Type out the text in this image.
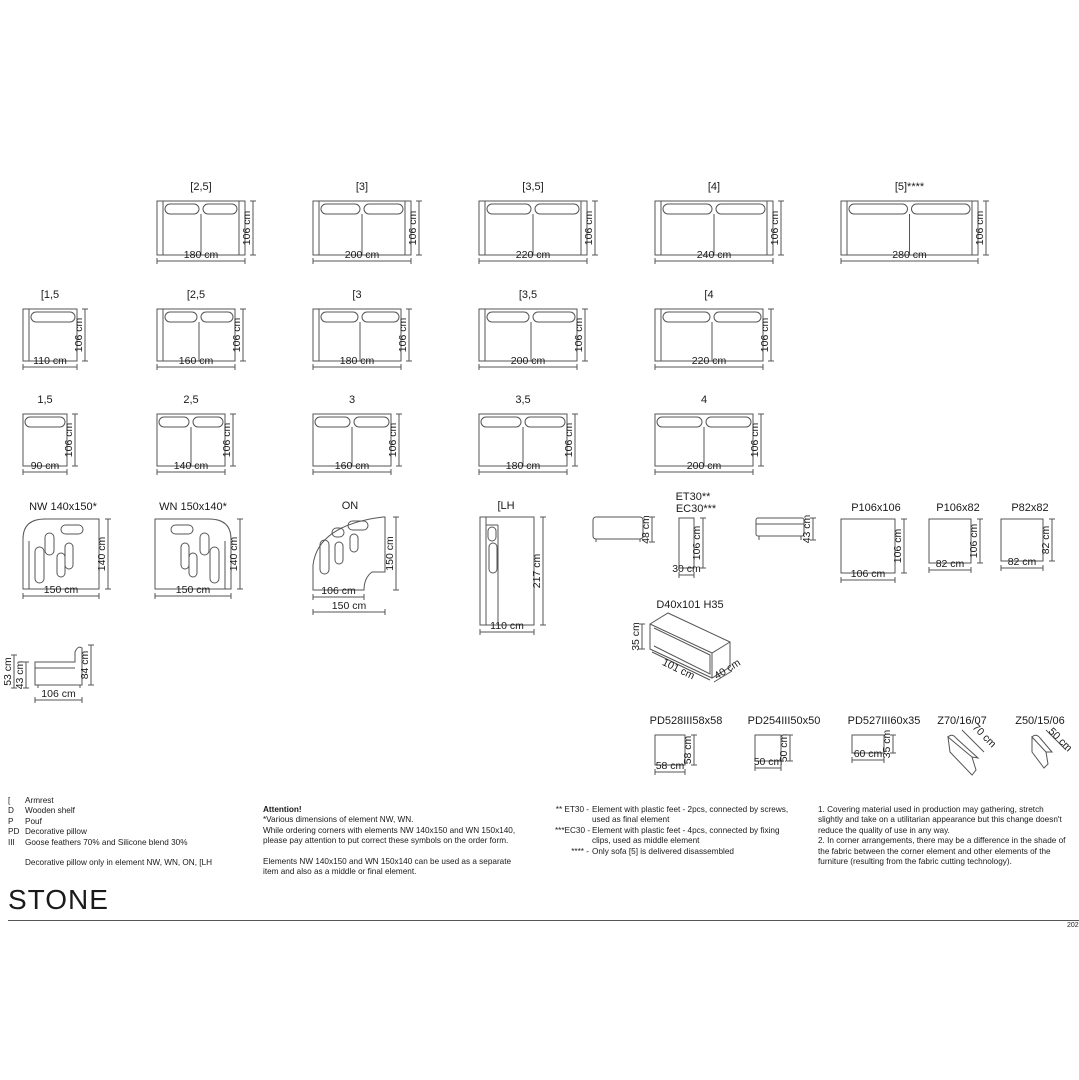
[2,5]
180 cm
106 cm
[3]
200 cm
106 cm
[3,5]
220 cm
106 cm
[4]
240 cm
106 cm
[5]****
280 cm
106 cm
[1,5
110 cm
106 cm
[2,5
160 cm
106 cm
[3
180 cm
106 cm
[3,5
200 cm
106 cm
[4
220 cm
106 cm
1,5
90 cm
106 cm
2,5
140 cm
106 cm
3
160 cm
106 cm
3,5
180 cm
106 cm
4
200 cm
106 cm
NW 140x150*
150 cm
140 cm
WN 150x140*
150 cm
140 cm
ON
106 cm
150 cm
150 cm
[LH
110 cm
217 cm
48 cm
ET30**
EC30***
30 cm
106 cm	43 cm
P106x106
106 cm
106 cm
P106x82
82 cm
106 cm
P82x82
82 cm
82 cm
D40x101 H35
35 cm
101 cm 40 cm
106 cm
84 cm
53 cm 43 cm
PD528III58x58
58 cm
58 cm
PD254III50x50
50 cm
50 cm
PD527III60x35
60 cm
35 cm
Z70/16/07
70 cm
Z50/15/06
50 cm
[ Armrest
D Wooden shelf
P Pouf
PD Decorative pillow
III Goose feathers 70% and Silicone blend 30%
Decorative pillow only in element NW, WN, ON, [LH
Attention!
*Various dimensions of element NW, WN.
While ordering corners with elements NW 140x150 and WN 150x140,
please pay attention to put correct these symbols on the order form.
Elements NW 140x150 and WN 150x140 can be used as a separate
item and also as a middle or final element.
** ET30 - Element with plastic feet - 2pcs, connected by screws, used as final element
***EC30 - Element with plastic feet - 4pcs, connected by fixing clips, used as middle element
**** - Only sofa [5] is delivered disassembled
1. Covering material used in production may gathering, stretch
slightly and take on a utilitarian appearance but this change doesn't
reduce the quality of use in any way.
2. In corner arrangements, there may be a difference in the shade of
the fabric between the corner element and other elements of the
furniture (resulting from the fabric cutting technology).
STONE
202
